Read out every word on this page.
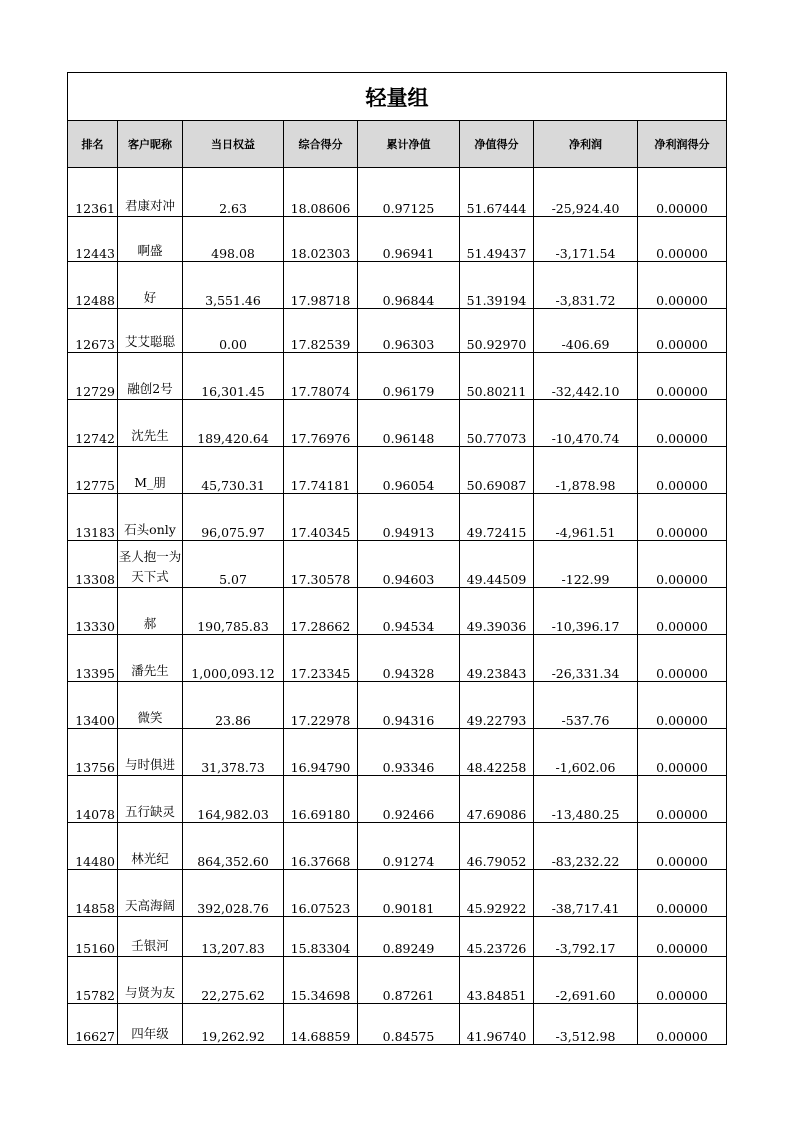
轻量组							
排名	客户昵称	当日权益	综合得分	累计净值	净值得分	净利润	净利润得分
12361	君康对冲	2.63	18.08606	0.97125	51.67444	-25,924.40	0.00000
12443	啊盛	498.08	18.02303	0.96941	51.49437	-3,171.54	0.00000
12488	好	3,551.46	17.98718	0.96844	51.39194	-3,831.72	0.00000
12673	艾艾聪聪	0.00	17.82539	0.96303	50.92970	-406.69	0.00000
12729	融创2号	16,301.45	17.78074	0.96179	50.80211	-32,442.10	0.00000
12742	沈先生	189,420.64	17.76976	0.96148	50.77073	-10,470.74	0.00000
12775	M_朋	45,730.31	17.74181	0.96054	50.69087	-1,878.98	0.00000
13183	石头only	96,075.97	17.40345	0.94913	49.72415	-4,961.51	0.00000
13308	圣人抱一为天下式	5.07	17.30578	0.94603	49.44509	-122.99	0.00000
13330	郝	190,785.83	17.28662	0.94534	49.39036	-10,396.17	0.00000
13395	潘先生	1,000,093.12	17.23345	0.94328	49.23843	-26,331.34	0.00000
13400	微笑	23.86	17.22978	0.94316	49.22793	-537.76	0.00000
13756	与时俱进	31,378.73	16.94790	0.93346	48.42258	-1,602.06	0.00000
14078	五行缺灵	164,982.03	16.69180	0.92466	47.69086	-13,480.25	0.00000
14480	林光纪	864,352.60	16.37668	0.91274	46.79052	-83,232.22	0.00000
14858	天高海阔	392,028.76	16.07523	0.90181	45.92922	-38,717.41	0.00000
15160	壬银河	13,207.83	15.83304	0.89249	45.23726	-3,792.17	0.00000
15782	与贤为友	22,275.62	15.34698	0.87261	43.84851	-2,691.60	0.00000
16627	四年级	19,262.92	14.68859	0.84575	41.96740	-3,512.98	0.00000
